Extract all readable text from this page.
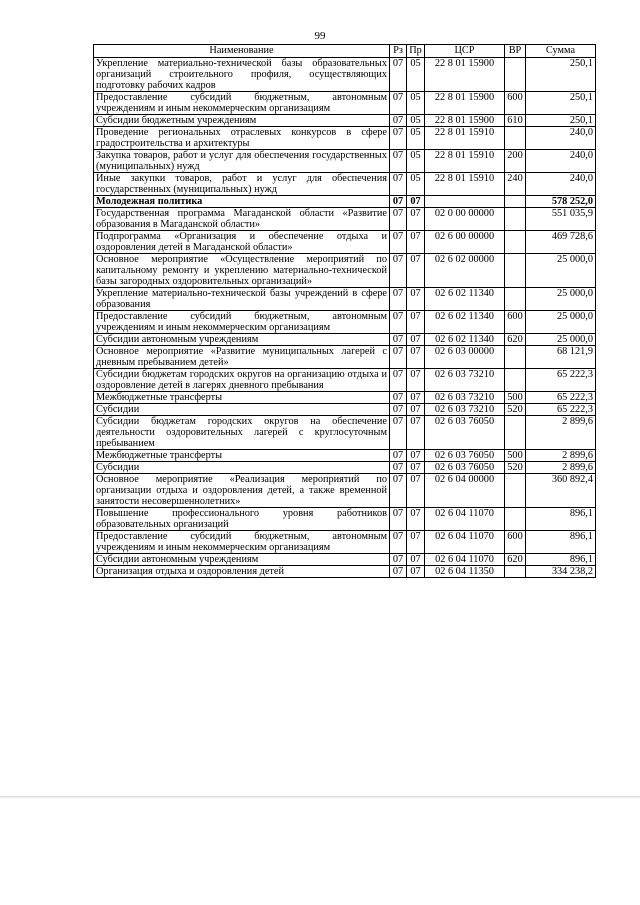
99
Наименование	Рз	Пр	ЦСР	ВР	Сумма
Укрепление материально-технической базы образовательных организаций строительного профиля, осуществляющих подготовку рабочих кадров	07	05	22 8 01 15900		250,1
Предоставление субсидий бюджетным, автономным учреждениям и иным некоммерческим организациям	07	05	22 8 01 15900	600	250,1
Субсидии бюджетным учреждениям	07	05	22 8 01 15900	610	250,1
Проведение региональных отраслевых конкурсов в сфере градостроительства и архитектуры	07	05	22 8 01 15910		240,0
Закупка товаров, работ и услуг для обеспечения государственных (муниципальных) нужд	07	05	22 8 01 15910	200	240,0
Иные закупки товаров, работ и услуг для обеспечения государственных (муниципальных) нужд	07	05	22 8 01 15910	240	240,0
Молодежная политика	07	07			578 252,0
Государственная программа Магаданской области «Развитие образования в Магаданской области»	07	07	02 0 00 00000		551 035,9
Подпрограмма «Организация и обеспечение отдыха и оздоровления детей в Магаданской области»	07	07	02 6 00 00000		469 728,6
Основное мероприятие «Осуществление мероприятий по капитальному ремонту и укреплению материально-технической базы загородных оздоровительных организаций»	07	07	02 6 02 00000		25 000,0
Укрепление материально-технической базы учреждений в сфере образования	07	07	02 6 02 11340		25 000,0
Предоставление субсидий бюджетным, автономным учреждениям и иным некоммерческим организациям	07	07	02 6 02 11340	600	25 000,0
Субсидии автономным учреждениям	07	07	02 6 02 11340	620	25 000,0
Основное мероприятие «Развитие муниципальных лагерей с дневным пребыванием детей»	07	07	02 6 03 00000		68 121,9
Субсидии бюджетам городских округов на организацию отдыха и оздоровление детей в лагерях дневного пребывания	07	07	02 6 03 73210		65 222,3
Межбюджетные трансферты	07	07	02 6 03 73210	500	65 222,3
Субсидии	07	07	02 6 03 73210	520	65 222,3
Субсидии бюджетам городских округов на обеспечение деятельности оздоровительных лагерей с круглосуточным пребыванием	07	07	02 6 03 76050		2 899,6
Межбюджетные трансферты	07	07	02 6 03 76050	500	2 899,6
Субсидии	07	07	02 6 03 76050	520	2 899,6
Основное мероприятие «Реализация мероприятий по организации отдыха и оздоровления детей, а также временной занятости несовершеннолетних»	07	07	02 6 04 00000		360 892,4
Повышение профессионального уровня работников образовательных организаций	07	07	02 6 04 11070		896,1
Предоставление субсидий бюджетным, автономным учреждениям и иным некоммерческим организациям	07	07	02 6 04 11070	600	896,1
Субсидии автономным учреждениям	07	07	02 6 04 11070	620	896,1
Организация отдыха и оздоровления детей	07	07	02 6 04 11350		334 238,2
